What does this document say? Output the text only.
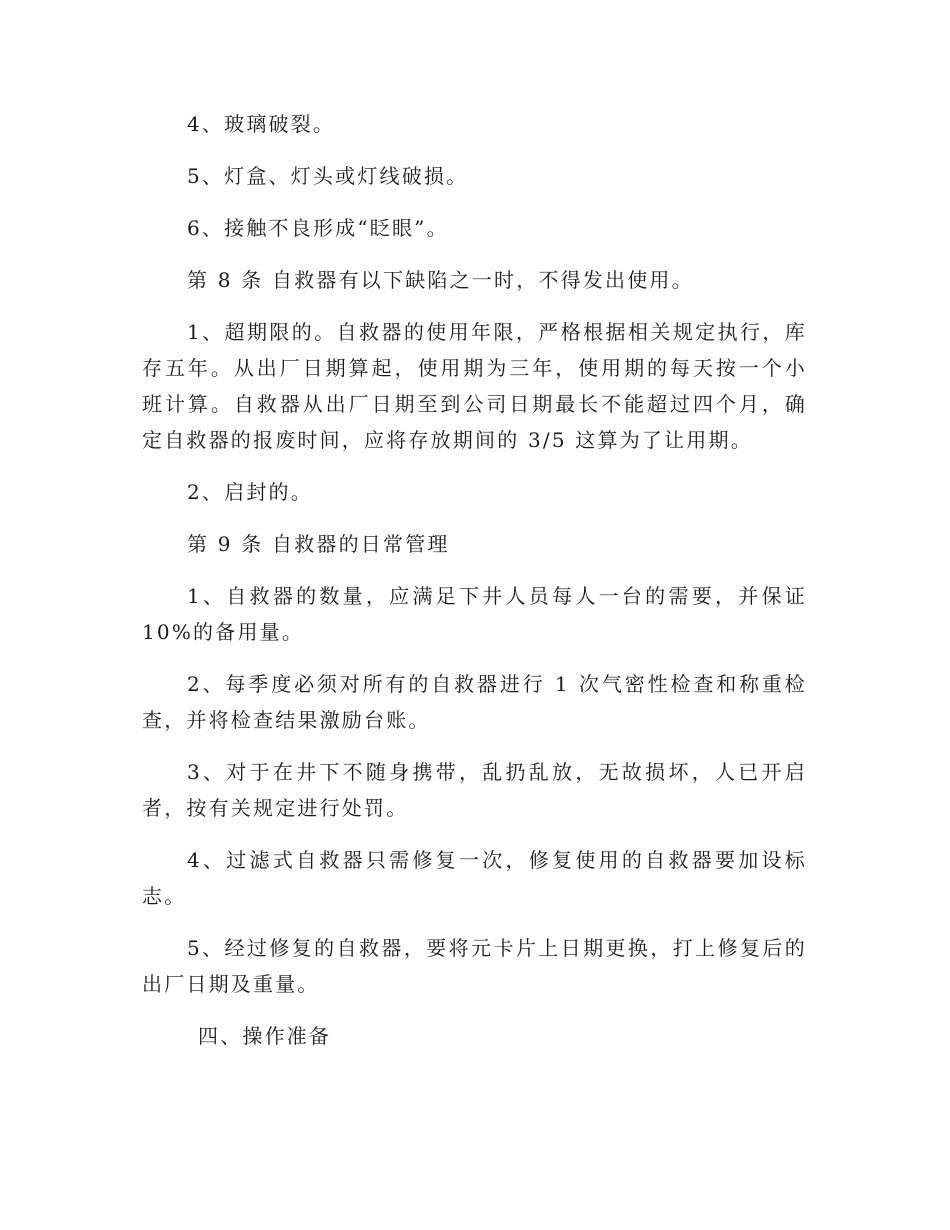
4、玻璃破裂。

5、灯盒、灯头或灯线破损。

6、接触不良形成“眨眼”。

第 8 条 自救器有以下缺陷之一时，不得发出使用。

1、超期限的。自救器的使用年限，严格根据相关规定执行，库存五年。从出厂日期算起，使用期为三年，使用期的每天按一个小班计算。自救器从出厂日期至到公司日期最长不能超过四个月，确定自救器的报废时间，应将存放期间的 3/5 这算为了让用期。

2、启封的。

第 9 条 自救器的日常管理

1、自救器的数量，应满足下井人员每人一台的需要，并保证 10%的备用量。

2、每季度必须对所有的自救器进行 1 次气密性检查和称重检查，并将检查结果激励台账。

3、对于在井下不随身携带，乱扔乱放，无故损坏，人已开启者，按有关规定进行处罚。

4、过滤式自救器只需修复一次，修复使用的自救器要加设标志。

5、经过修复的自救器，要将元卡片上日期更换，打上修复后的出厂日期及重量。

四、操作准备
